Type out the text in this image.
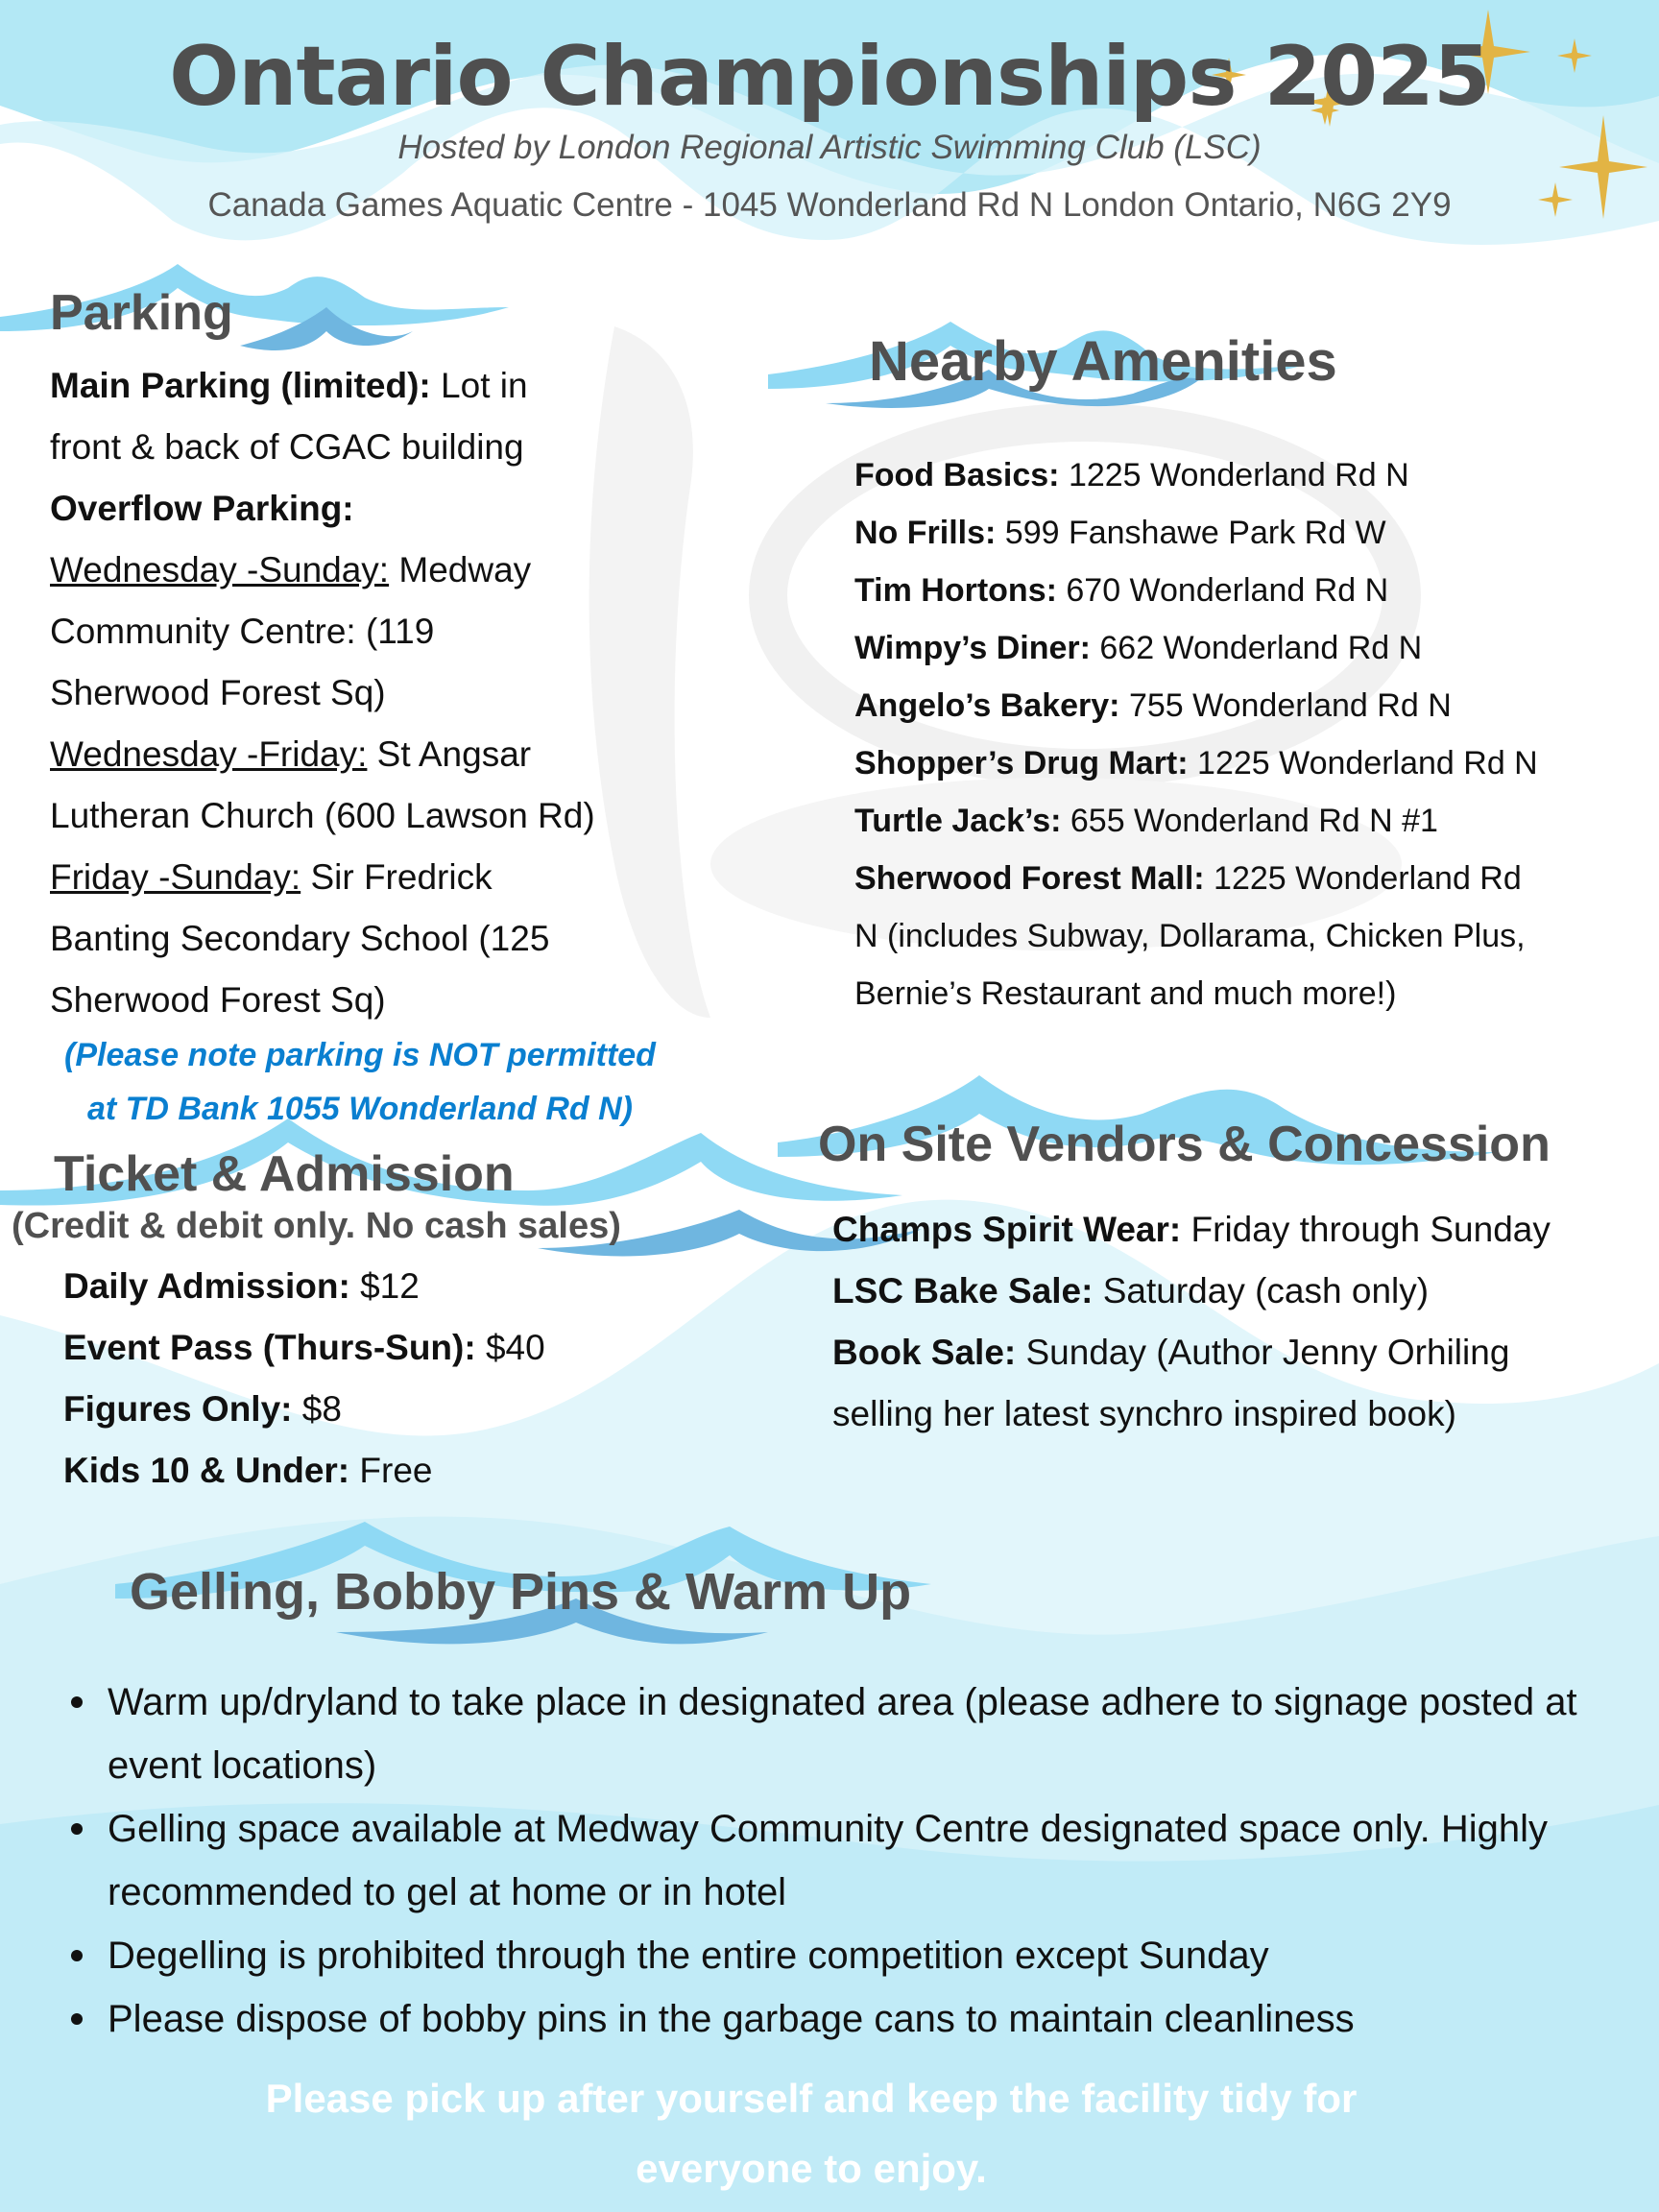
Ontario Championships 2025
Hosted by London Regional Artistic Swimming Club (LSC)
Canada Games Aquatic Centre - 1045 Wonderland Rd N London Ontario, N6G 2Y9
Parking
Main Parking (limited): Lot in
front & back of CGAC building
Overflow Parking:
Wednesday -Sunday: Medway
Community Centre: (119
Sherwood Forest Sq)
Wednesday -Friday: St Angsar
Lutheran Church (600 Lawson Rd)
Friday -Sunday: Sir Fredrick
Banting Secondary School (125
Sherwood Forest Sq)
(Please note parking is NOT permitted
at TD Bank 1055 Wonderland Rd N)
Ticket & Admission
(Credit & debit only. No cash sales)
Daily Admission: $12
Event Pass (Thurs-Sun): $40
Figures Only: $8
Kids 10 & Under: Free
Nearby Amenities
Food Basics: 1225 Wonderland Rd N
No Frills: 599 Fanshawe Park Rd W
Tim Hortons: 670 Wonderland Rd N
Wimpy’s Diner: 662 Wonderland Rd N
Angelo’s Bakery: 755 Wonderland Rd N
Shopper’s Drug Mart: 1225 Wonderland Rd N
Turtle Jack’s: 655 Wonderland Rd N #1
Sherwood Forest Mall: 1225 Wonderland Rd
N (includes Subway, Dollarama, Chicken Plus,
Bernie’s Restaurant and much more!)
On Site Vendors & Concession
Champs Spirit Wear: Friday through Sunday
LSC Bake Sale: Saturday (cash only)
Book Sale: Sunday (Author Jenny Orhiling
selling her latest synchro inspired book)
Gelling, Bobby Pins & Warm Up
Warm up/dryland to take place in designated area (please adhere to signage posted at event locations)
Gelling space available at Medway Community Centre designated space only. Highly recommended to gel at home or in hotel
Degelling is prohibited through the entire competition except Sunday
Please dispose of bobby pins in the garbage cans to maintain cleanliness
Please pick up after yourself and keep the facility tidy for
everyone to enjoy.
